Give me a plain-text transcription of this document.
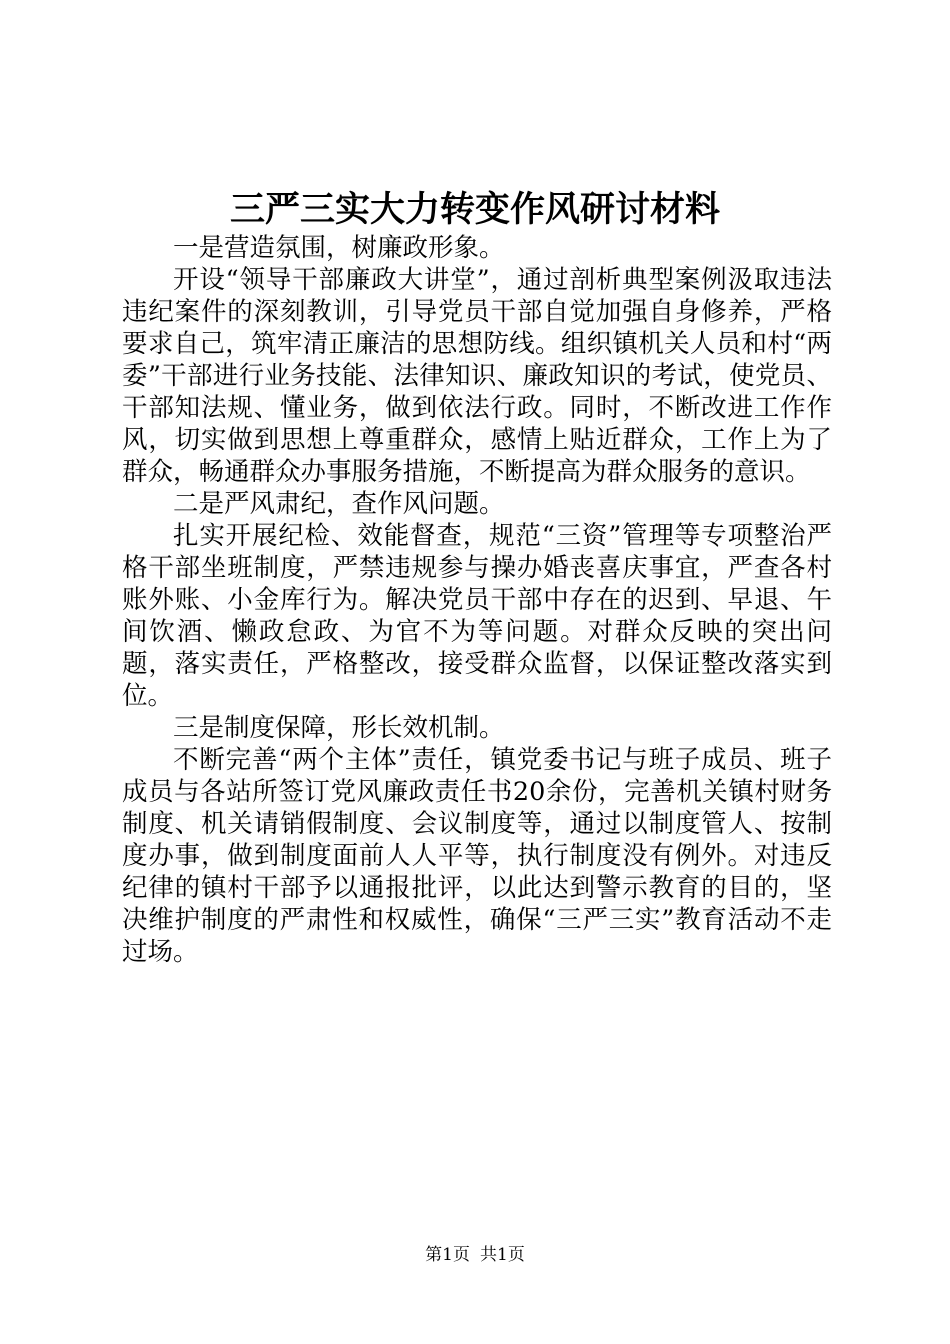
三严三实大力转变作风研讨材料

一是营造氛围，树廉政形象。

开设“领导干部廉政大讲堂”，通过剖析典型案例汲取违法违纪案件的深刻教训，引导党员干部自觉加强自身修养，严格要求自己，筑牢清正廉洁的思想防线。组织镇机关人员和村“两委”干部进行业务技能、法律知识、廉政知识的考试，使党员、干部知法规、懂业务，做到依法行政。同时，不断改进工作作风，切实做到思想上尊重群众，感情上贴近群众，工作上为了群众，畅通群众办事服务措施，不断提高为群众服务的意识。

二是严风肃纪，查作风问题。

扎实开展纪检、效能督查，规范“三资”管理等专项整治严格干部坐班制度，严禁违规参与操办婚丧喜庆事宜，严查各村账外账、小金库行为。解决党员干部中存在的迟到、早退、午间饮酒、懒政怠政、为官不为等问题。对群众反映的突出问题，落实责任，严格整改，接受群众监督，以保证整改落实到位。

三是制度保障，形长效机制。

不断完善“两个主体”责任，镇党委书记与班子成员、班子成员与各站所签订党风廉政责任书20余份，完善机关镇村财务制度、机关请销假制度、会议制度等，通过以制度管人、按制度办事，做到制度面前人人平等，执行制度没有例外。对违反纪律的镇村干部予以通报批评，以此达到警示教育的目的，坚决维护制度的严肃性和权威性，确保“三严三实”教育活动不走过场。

第1页 共1页
